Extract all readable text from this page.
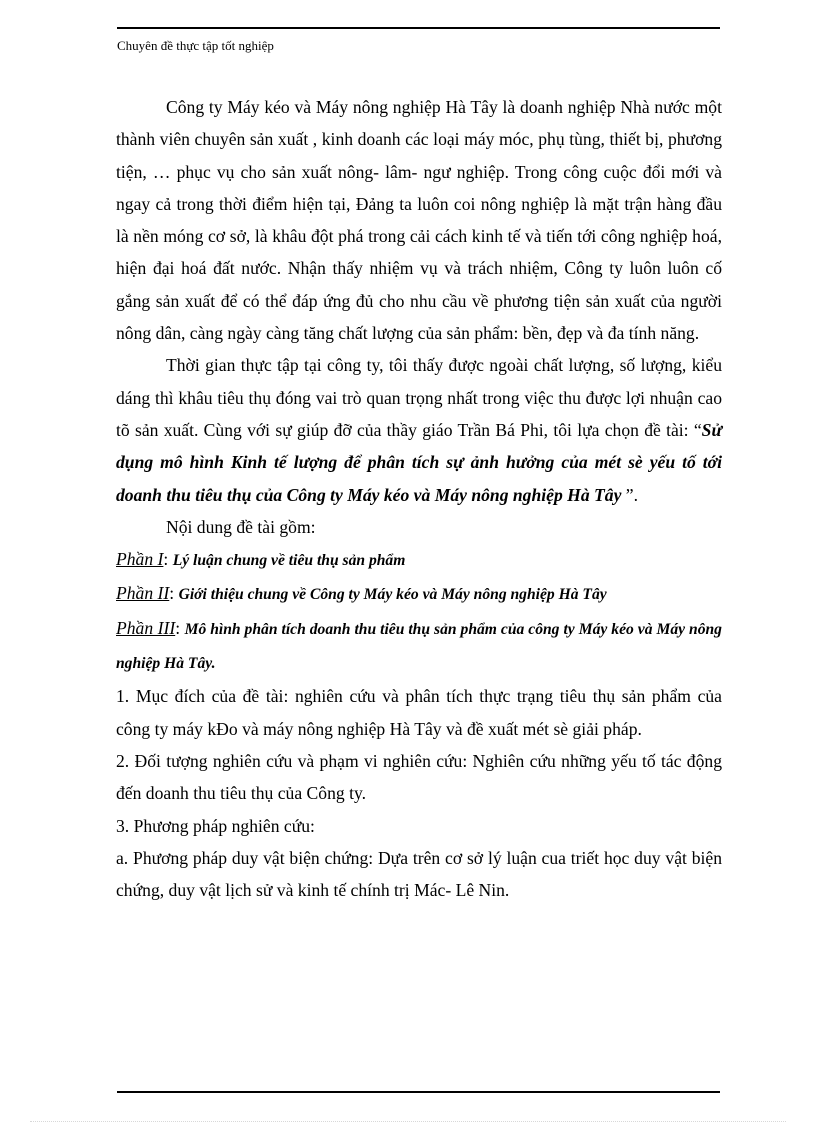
Chuyên đề thực tập tốt nghiệp

Công ty Máy kéo và Máy nông nghiệp Hà Tây là doanh nghiệp Nhà nước một thành viên chuyên sản xuất , kinh doanh các loại máy móc, phụ tùng, thiết bị, phương tiện, … phục vụ cho sản xuất nông- lâm- ngư nghiệp. Trong công cuộc đổi mới và ngay cả trong thời điểm hiện tại, Đảng ta luôn coi nông nghiệp là mặt trận hàng đầu là nền móng cơ sở, là khâu đột phá trong cải cách kinh tế và tiến tới công nghiệp hoá, hiện đại hoá đất nước. Nhận thấy nhiệm vụ và trách nhiệm, Công ty luôn luôn cố gắng sản xuất để có thể đáp ứng đủ cho nhu cầu về phương tiện sản xuất của người nông dân, càng ngày càng tăng chất lượng của sản phẩm: bền, đẹp và đa tính năng.

Thời gian thực tập tại công ty, tôi thấy được ngoài chất lượng, số lượng, kiểu dáng thì khâu tiêu thụ đóng vai trò quan trọng nhất trong việc thu được lợi nhuận cao tõ sản xuất. Cùng với sự giúp đỡ của thầy giáo Trần Bá Phi, tôi lựa chọn đề tài: “Sử dụng mô hình Kinh tế lượng để phân tích sự ảnh hưởng của mét sè yếu tố tới doanh thu tiêu thụ của Công ty Máy kéo và Máy nông nghiệp Hà Tây ”.

Nội dung đề tài gồm:

Phần I: Lý luận chung về tiêu thụ sản phẩm

Phần II: Giới thiệu chung về Công ty Máy kéo và Máy nông nghiệp Hà Tây

Phần III: Mô hình phân tích doanh thu tiêu thụ sản phẩm của công ty Máy kéo và Máy nông nghiệp Hà Tây.

1. Mục đích của đề tài: nghiên cứu và phân tích thực trạng tiêu thụ sản phẩm của công ty máy kĐo và máy nông nghiệp Hà Tây và đề xuất mét sè giải pháp.

2. Đối tượng nghiên cứu và phạm vi nghiên cứu: Nghiên cứu những yếu tố tác động đến doanh thu tiêu thụ của Công ty.

3. Phương pháp nghiên cứu:

a. Phương pháp duy vật biện chứng: Dựa trên cơ sở lý luận cua triết học duy vật biện chứng, duy vật lịch sử và kinh tế chính trị Mác- Lê Nin.
